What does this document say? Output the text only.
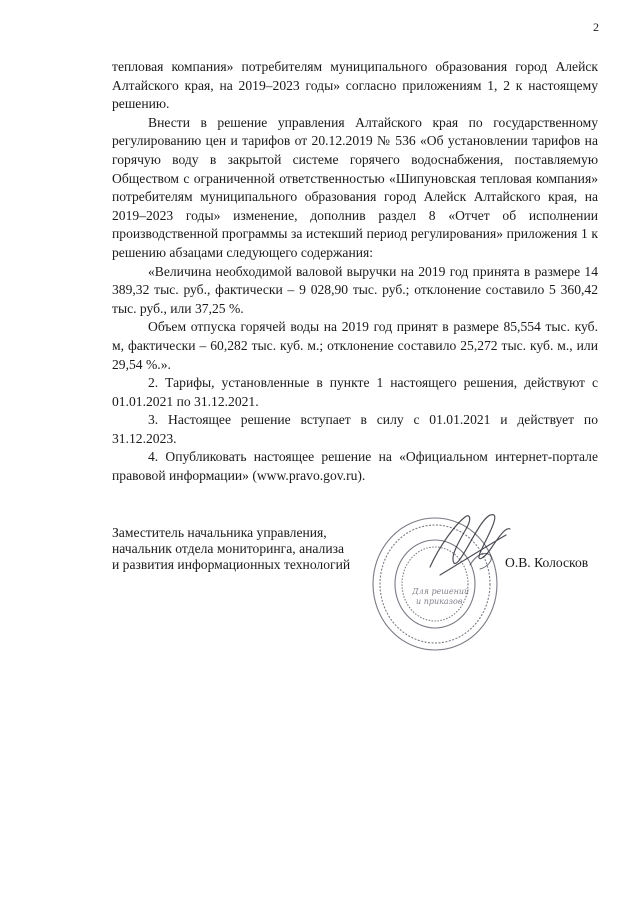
2

тепловая компания» потребителям муниципального образования город Алейск Алтайского края, на 2019–2023 годы» согласно приложениям 1, 2 к настоящему решению.

Внести в решение управления Алтайского края по государственному регулированию цен и тарифов от 20.12.2019 № 536 «Об установлении тарифов на горячую воду в закрытой системе горячего водоснабжения, поставляемую Обществом с ограниченной ответственностью «Шипуновская тепловая компания» потребителям муниципального образования город Алейск Алтайского края, на 2019–2023 годы» изменение, дополнив раздел 8 «Отчет об исполнении производственной программы за истекший период регулирования» приложения 1 к решению абзацами следующего содержания:

«Величина необходимой валовой выручки на 2019 год принята в размере 14 389,32 тыс. руб., фактически – 9 028,90 тыс. руб.; отклонение составило 5 360,42 тыс. руб., или 37,25 %.

Объем отпуска горячей воды на 2019 год принят в размере 85,554 тыс. куб. м, фактически – 60,282 тыс. куб. м.; отклонение составило 25,272 тыс. куб. м., или 29,54 %.».

2. Тарифы, установленные в пункте 1 настоящего решения, действуют с 01.01.2021 по 31.12.2021.

3. Настоящее решение вступает в силу с 01.01.2021 и действует по 31.12.2023.

4. Опубликовать настоящее решение на «Официальном интернет-портале правовой информации» (www.pravo.gov.ru).

Заместитель начальника управления,
начальник отдела мониторинга, анализа
и развития информационных технологий
Для решений
и приказов
О.В. Колосков
